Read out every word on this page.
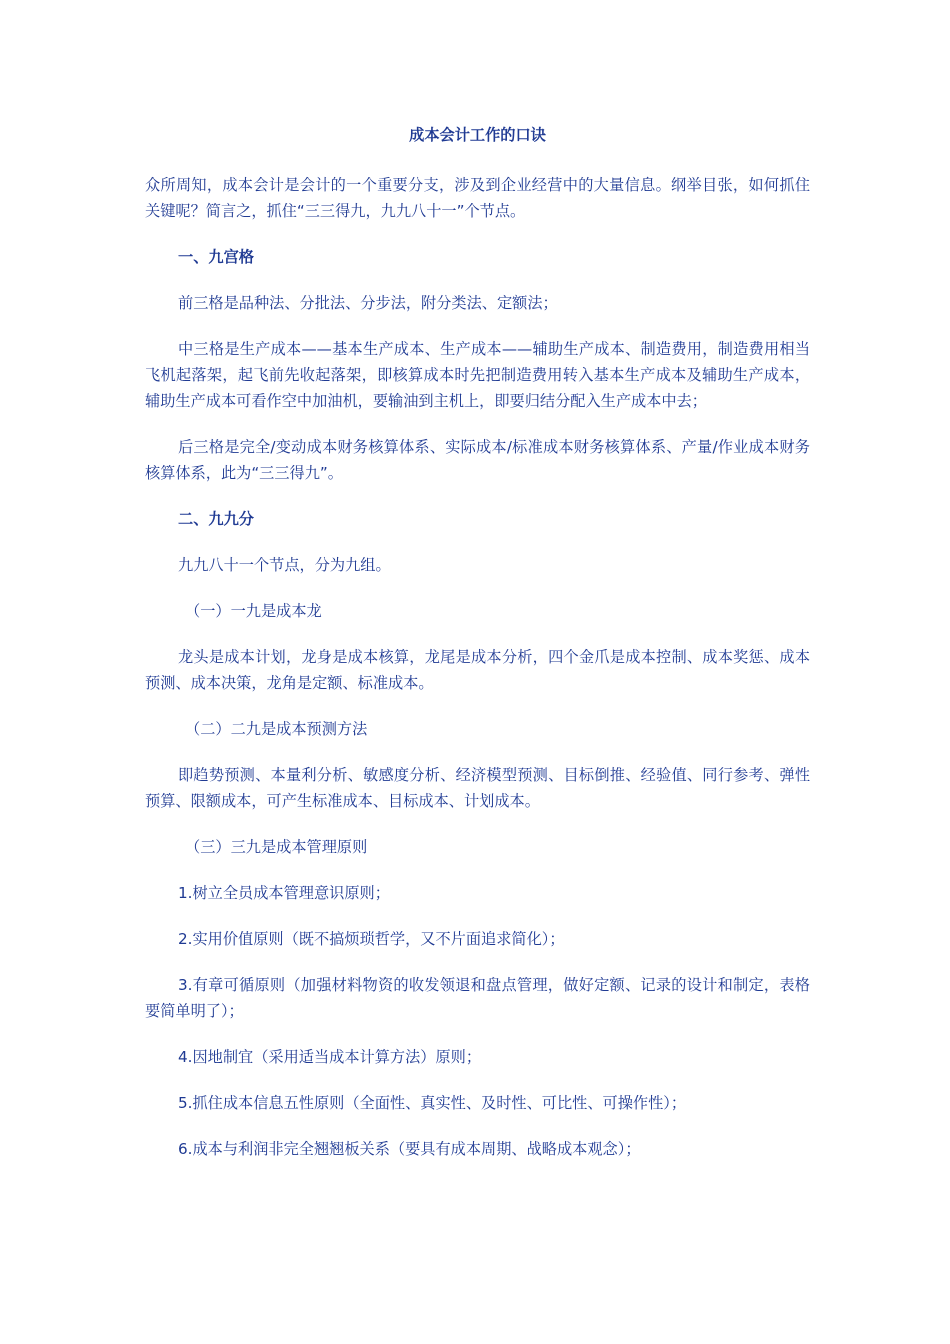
成本会计工作的口诀

众所周知，成本会计是会计的一个重要分支，涉及到企业经营中的大量信息。纲举目张，如何抓住关键呢？简言之，抓住“三三得九，九九八十一”个节点。

一、九宫格

前三格是品种法、分批法、分步法，附分类法、定额法；

中三格是生产成本——基本生产成本、生产成本——辅助生产成本、制造费用，制造费用相当飞机起落架，起飞前先收起落架，即核算成本时先把制造费用转入基本生产成本及辅助生产成本，辅助生产成本可看作空中加油机，要输油到主机上，即要归结分配入生产成本中去；

后三格是完全/变动成本财务核算体系、实际成本/标准成本财务核算体系、产量/作业成本财务核算体系，此为“三三得九”。

二、九九分

九九八十一个节点，分为九组。

（一）一九是成本龙

龙头是成本计划，龙身是成本核算，龙尾是成本分析，四个金爪是成本控制、成本奖惩、成本预测、成本决策，龙角是定额、标准成本。

（二）二九是成本预测方法

即趋势预测、本量利分析、敏感度分析、经济模型预测、目标倒推、经验值、同行参考、弹性预算、限额成本，可产生标准成本、目标成本、计划成本。

（三）三九是成本管理原则

1.树立全员成本管理意识原则；

2.实用价值原则（既不搞烦琐哲学，又不片面追求简化）；

3.有章可循原则（加强材料物资的收发领退和盘点管理，做好定额、记录的设计和制定，表格要简单明了）；

4.因地制宜（采用适当成本计算方法）原则；

5.抓住成本信息五性原则（全面性、真实性、及时性、可比性、可操作性）；

6.成本与利润非完全翘翘板关系（要具有成本周期、战略成本观念）；
